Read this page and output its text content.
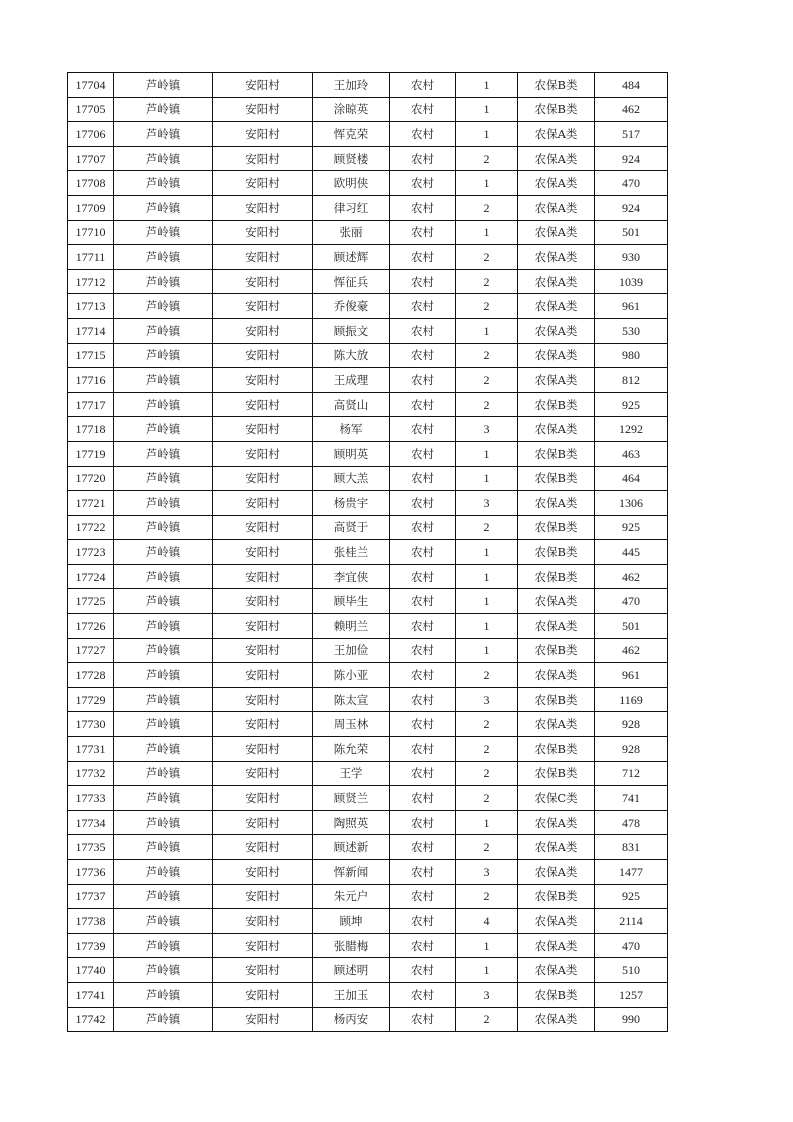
17704	芦岭镇	安阳村	王加玲	农村	1	农保B类	484
17705	芦岭镇	安阳村	涂晾英	农村	1	农保B类	462
17706	芦岭镇	安阳村	恽克荣	农村	1	农保A类	517
17707	芦岭镇	安阳村	顾贤楼	农村	2	农保A类	924
17708	芦岭镇	安阳村	欧明侠	农村	1	农保A类	470
17709	芦岭镇	安阳村	律习红	农村	2	农保A类	924
17710	芦岭镇	安阳村	张丽	农村	1	农保A类	501
17711	芦岭镇	安阳村	顾述辉	农村	2	农保A类	930
17712	芦岭镇	安阳村	恽征兵	农村	2	农保A类	1039
17713	芦岭镇	安阳村	乔俊豪	农村	2	农保A类	961
17714	芦岭镇	安阳村	顾振文	农村	1	农保A类	530
17715	芦岭镇	安阳村	陈大放	农村	2	农保A类	980
17716	芦岭镇	安阳村	王成理	农村	2	农保A类	812
17717	芦岭镇	安阳村	高贤山	农村	2	农保B类	925
17718	芦岭镇	安阳村	杨军	农村	3	农保A类	1292
17719	芦岭镇	安阳村	顾明英	农村	1	农保B类	463
17720	芦岭镇	安阳村	顾大羔	农村	1	农保B类	464
17721	芦岭镇	安阳村	杨贵宇	农村	3	农保A类	1306
17722	芦岭镇	安阳村	高贤于	农村	2	农保B类	925
17723	芦岭镇	安阳村	张桂兰	农村	1	农保B类	445
17724	芦岭镇	安阳村	李宜侠	农村	1	农保B类	462
17725	芦岭镇	安阳村	顾毕生	农村	1	农保A类	470
17726	芦岭镇	安阳村	赖明兰	农村	1	农保A类	501
17727	芦岭镇	安阳村	王加俭	农村	1	农保B类	462
17728	芦岭镇	安阳村	陈小亚	农村	2	农保A类	961
17729	芦岭镇	安阳村	陈太宣	农村	3	农保B类	1169
17730	芦岭镇	安阳村	周玉林	农村	2	农保A类	928
17731	芦岭镇	安阳村	陈允荣	农村	2	农保B类	928
17732	芦岭镇	安阳村	王学	农村	2	农保B类	712
17733	芦岭镇	安阳村	顾贤兰	农村	2	农保C类	741
17734	芦岭镇	安阳村	陶照英	农村	1	农保A类	478
17735	芦岭镇	安阳村	顾述新	农村	2	农保A类	831
17736	芦岭镇	安阳村	恽新闻	农村	3	农保A类	1477
17737	芦岭镇	安阳村	朱元户	农村	2	农保B类	925
17738	芦岭镇	安阳村	顾坤	农村	4	农保A类	2114
17739	芦岭镇	安阳村	张腊梅	农村	1	农保A类	470
17740	芦岭镇	安阳村	顾述明	农村	1	农保A类	510
17741	芦岭镇	安阳村	王加玉	农村	3	农保B类	1257
17742	芦岭镇	安阳村	杨丙安	农村	2	农保A类	990
